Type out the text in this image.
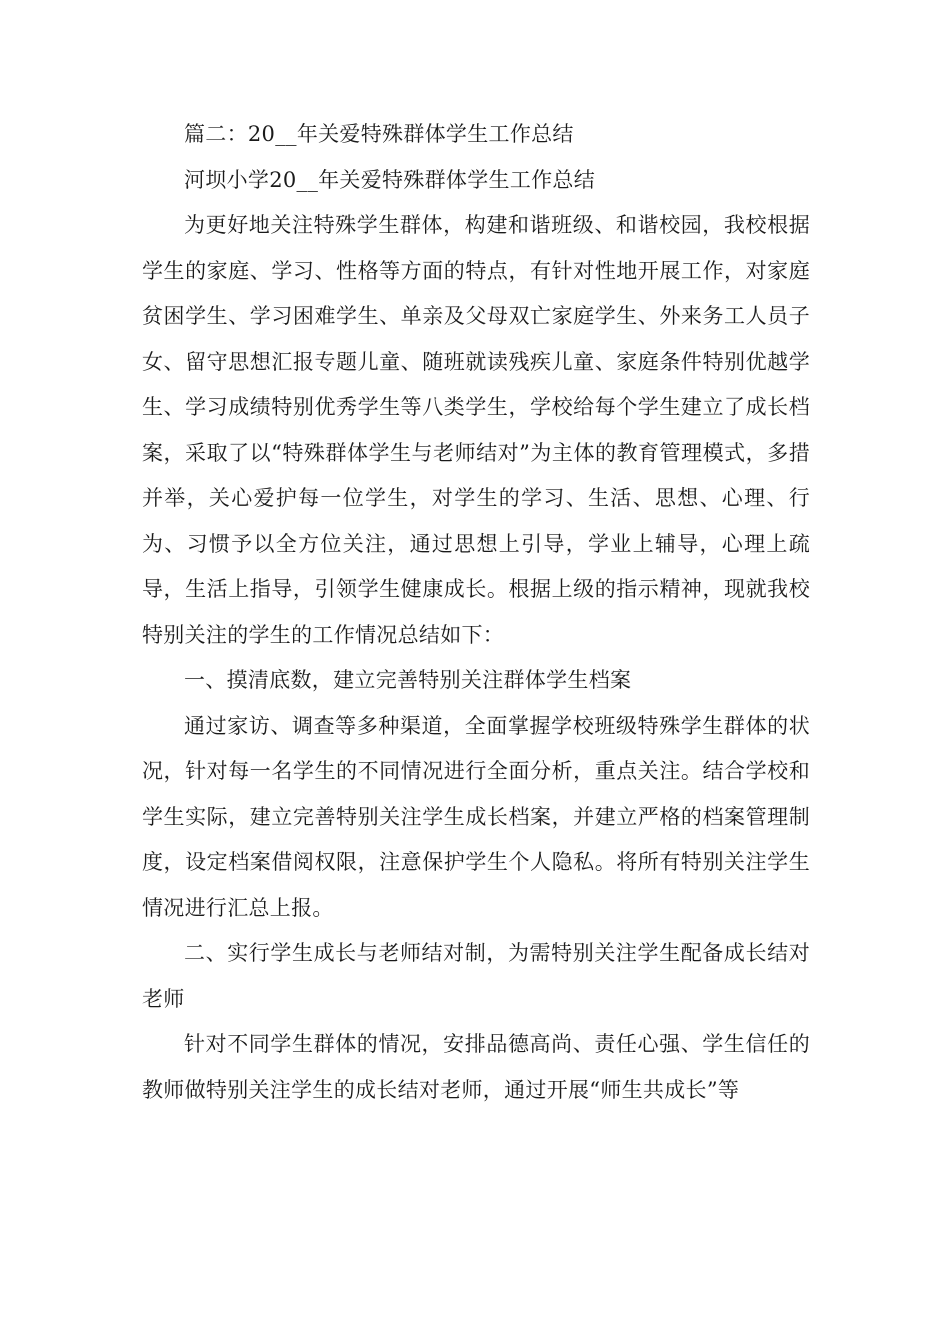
篇二：20__年关爱特殊群体学生工作总结

河坝小学20__年关爱特殊群体学生工作总结

为更好地关注特殊学生群体，构建和谐班级、和谐校园，我校根据学生的家庭、学习、性格等方面的特点，有针对性地开展工作，对家庭贫困学生、学习困难学生、单亲及父母双亡家庭学生、外来务工人员子女、留守思想汇报专题儿童、随班就读残疾儿童、家庭条件特别优越学生、学习成绩特别优秀学生等八类学生，学校给每个学生建立了成长档案，采取了以“特殊群体学生与老师结对”为主体的教育管理模式，多措并举，关心爱护每一位学生，对学生的学习、生活、思想、心理、行为、习惯予以全方位关注，通过思想上引导，学业上辅导，心理上疏导，生活上指导，引领学生健康成长。根据上级的指示精神，现就我校特别关注的学生的工作情况总结如下：

一、摸清底数，建立完善特别关注群体学生档案

通过家访、调查等多种渠道，全面掌握学校班级特殊学生群体的状况，针对每一名学生的不同情况进行全面分析，重点关注。结合学校和学生实际，建立完善特别关注学生成长档案，并建立严格的档案管理制度，设定档案借阅权限，注意保护学生个人隐私。将所有特别关注学生情况进行汇总上报。

二、实行学生成长与老师结对制，为需特别关注学生配备成长结对老师

针对不同学生群体的情况，安排品德高尚、责任心强、学生信任的教师做特别关注学生的成长结对老师，通过开展“师生共成长”等
